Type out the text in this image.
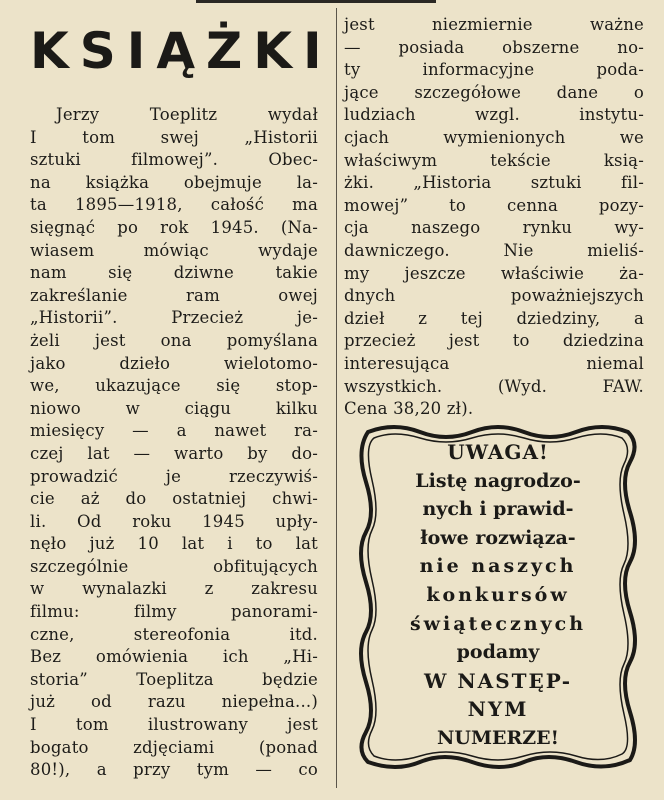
KSIĄŻKI
Jerzy Toeplitz wydał
I tom swej „Historii
sztuki filmowej”. Obec-
na książka obejmuje la-
ta 1895—1918, całość ma
sięgnąć po rok 1945. (Na-
wiasem mówiąc wydaje
nam się dziwne takie
zakreślanie ram owej
„Historii”. Przecież je-
żeli jest ona pomyślana
jako dzieło wielotomo-
we, ukazujące się stop-
niowo w ciągu kilku
miesięcy — a nawet ra-
czej lat — warto by do-
prowadzić je rzeczywiś-
cie aż do ostatniej chwi-
li. Od roku 1945 upły-
nęło już 10 lat i to lat
szczególnie obfitujących
w wynalazki z zakresu
filmu: filmy panorami-
czne, stereofonia itd.
Bez omówienia ich „Hi-
storia” Toeplitza będzie
już od razu niepełna...)
I tom ilustrowany jest
bogato zdjęciami (ponad
80!), a przy tym — co
jest niezmiernie ważne
— posiada obszerne no-
ty informacyjne poda-
jące szczegółowe dane o
ludziach wzgl. instytu-
cjach wymienionych we
właściwym tekście ksią-
żki. „Historia sztuki fil-
mowej” to cenna pozy-
cja naszego rynku wy-
dawniczego. Nie mieliś-
my jeszcze właściwie ża-
dnych poważniejszych
dzieł z tej dziedziny, a
przecież jest to dziedzina
interesująca niemal
wszystkich. (Wyd. FAW.
Cena 38,20 zł).
UWAGA!
Listę nagrodzo-
nych i prawid-
łowe rozwiąza-
nie naszych
konkursów
świątecznych
podamy
W NASTĘP-
NYM
NUMERZE!
